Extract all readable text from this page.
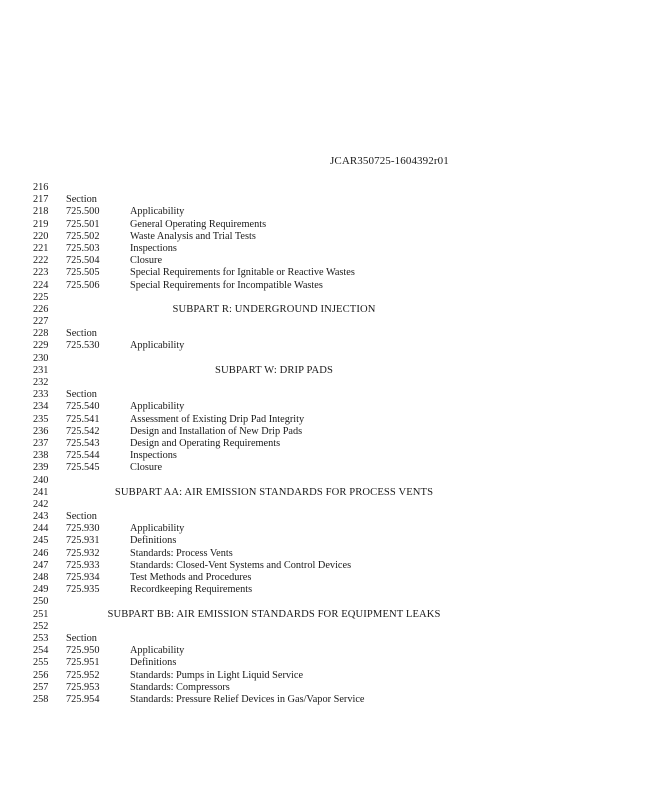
JCAR350725-1604392r01
216
217	Section
218	725.500	Applicability
219	725.501	General Operating Requirements
220	725.502	Waste Analysis and Trial Tests
221	725.503	Inspections
222	725.504	Closure
223	725.505	Special Requirements for Ignitable or Reactive Wastes
224	725.506	Special Requirements for Incompatible Wastes
225
226	SUBPART R: UNDERGROUND INJECTION
227
228	Section
229	725.530	Applicability
230
231	SUBPART W: DRIP PADS
232
233	Section
234	725.540	Applicability
235	725.541	Assessment of Existing Drip Pad Integrity
236	725.542	Design and Installation of New Drip Pads
237	725.543	Design and Operating Requirements
238	725.544	Inspections
239	725.545	Closure
240
241	SUBPART AA: AIR EMISSION STANDARDS FOR PROCESS VENTS
242
243	Section
244	725.930	Applicability
245	725.931	Definitions
246	725.932	Standards: Process Vents
247	725.933	Standards: Closed-Vent Systems and Control Devices
248	725.934	Test Methods and Procedures
249	725.935	Recordkeeping Requirements
250
251	SUBPART BB: AIR EMISSION STANDARDS FOR EQUIPMENT LEAKS
252
253	Section
254	725.950	Applicability
255	725.951	Definitions
256	725.952	Standards: Pumps in Light Liquid Service
257	725.953	Standards: Compressors
258	725.954	Standards: Pressure Relief Devices in Gas/Vapor Service
